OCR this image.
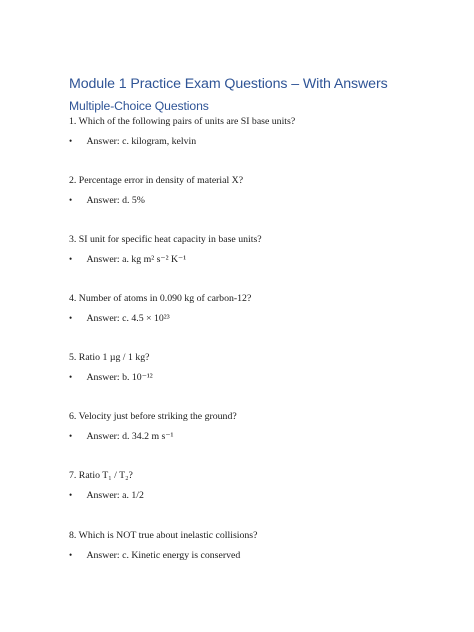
Module 1 Practice Exam Questions – With Answers
Multiple-Choice Questions
1. Which of the following pairs of units are SI base units?
• Answer: c. kilogram, kelvin
2. Percentage error in density of material X?
• Answer: d. 5%
3. SI unit for specific heat capacity in base units?
• Answer: a. kg m² s⁻² K⁻¹
4. Number of atoms in 0.090 kg of carbon-12?
• Answer: c. 4.5 × 10²³
5. Ratio 1 µg / 1 kg?
• Answer: b. 10⁻¹²
6. Velocity just before striking the ground?
• Answer: d. 34.2 m s⁻¹
7. Ratio T₁ / T₂?
• Answer: a. 1/2
8. Which is NOT true about inelastic collisions?
• Answer: c. Kinetic energy is conserved
